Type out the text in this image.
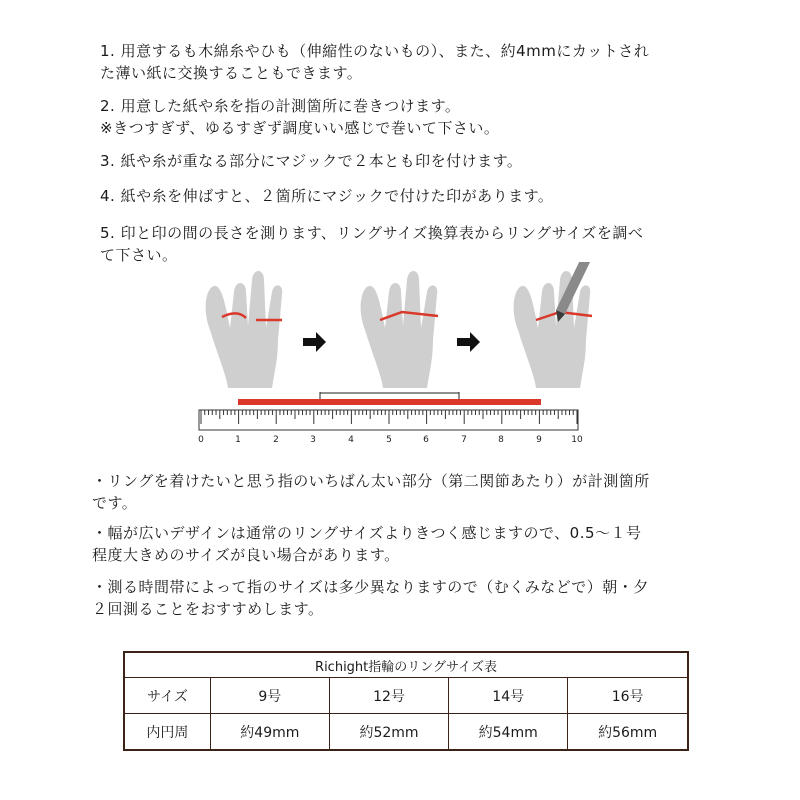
1. 用意するも木綿糸やひも（伸縮性のないもの）、また、約4mmにカットされ
た薄い紙に交換することもできます。
2. 用意した紙や糸を指の計測箇所に巻きつけます。
※きつすぎず、ゆるすぎず調度いい感じで巻いて下さい。
3. 紙や糸が重なる部分にマジックで２本とも印を付けます。
4. 紙や糸を伸ばすと、２箇所にマジックで付けた印があります。
5. 印と印の間の長さを測ります、リングサイズ換算表からリングサイズを調べ
て下さい。
0	1	2	3	4	5	6	7	8	9	10
・リングを着けたいと思う指のいちばん太い部分（第二関節あたり）が計測箇所
です。
・幅が広いデザインは通常のリングサイズよりきつく感じますので、0.5～１号
程度大きめのサイズが良い場合があります。
・測る時間帯によって指のサイズは多少異なりますので（むくみなどで）朝・夕
２回測ることをおすすめします。
Richight指輪のリングサイズ表				
サイズ	9号	12号	14号	16号
内円周	約49mm	約52mm	約54mm	約56mm
